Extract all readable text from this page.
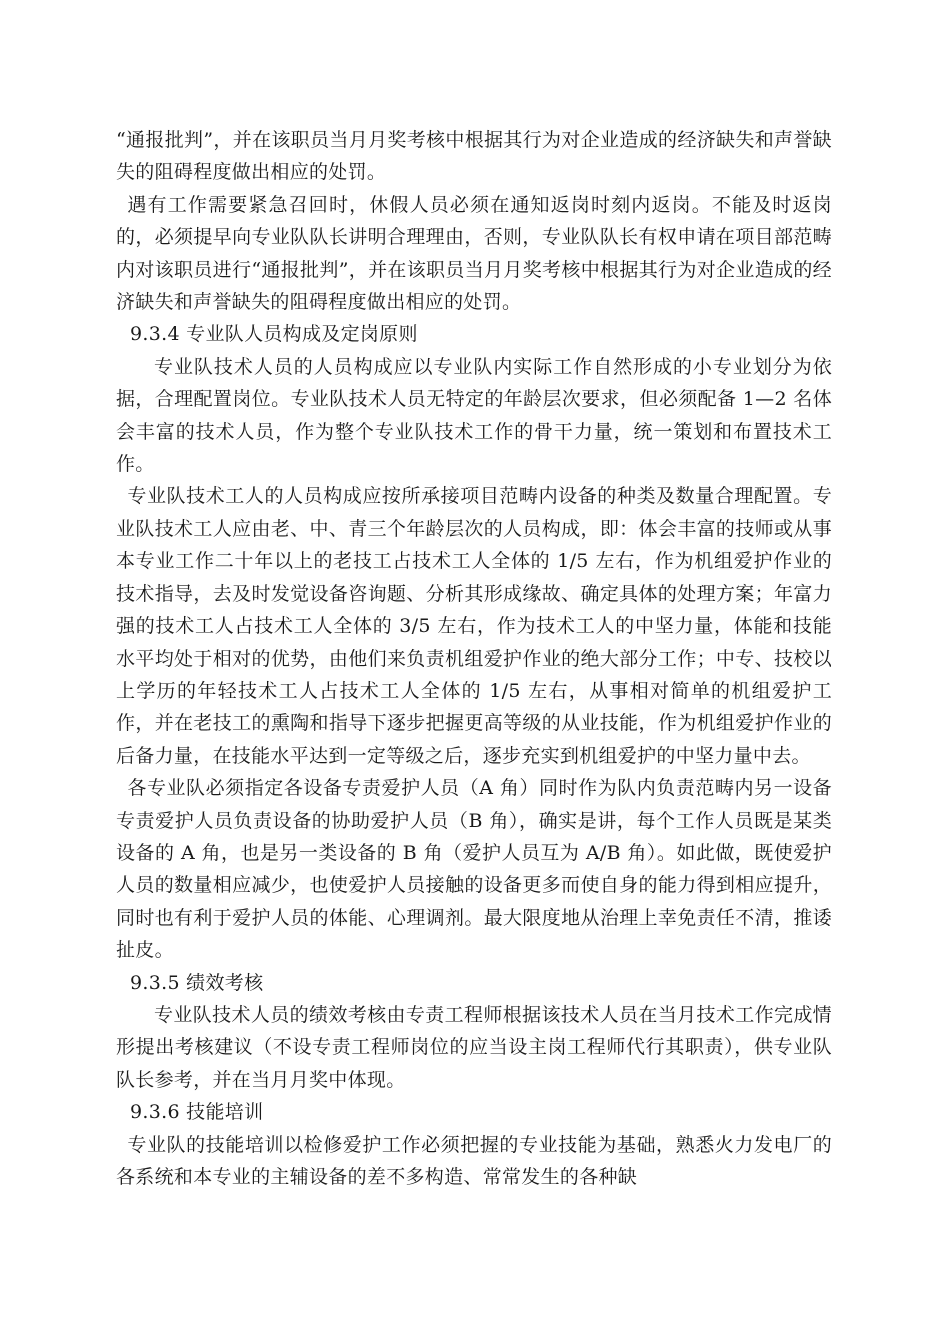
“通报批判”，并在该职员当月月奖考核中根据其行为对企业造成的经济缺失和声誉缺失的阻碍程度做出相应的处罚。

遇有工作需要紧急召回时，休假人员必须在通知返岗时刻内返岗。不能及时返岗的，必须提早向专业队队长讲明合理理由，否则，专业队队长有权申请在项目部范畴内对该职员进行“通报批判”，并在该职员当月月奖考核中根据其行为对企业造成的经济缺失和声誉缺失的阻碍程度做出相应的处罚。

9.3.4 专业队人员构成及定岗原则

专业队技术人员的人员构成应以专业队内实际工作自然形成的小专业划分为依据，合理配置岗位。专业队技术人员无特定的年龄层次要求，但必须配备 1—2 名体会丰富的技术人员，作为整个专业队技术工作的骨干力量，统一策划和布置技术工作。

专业队技术工人的人员构成应按所承接项目范畴内设备的种类及数量合理配置。专业队技术工人应由老、中、青三个年龄层次的人员构成，即：体会丰富的技师或从事本专业工作二十年以上的老技工占技术工人全体的 1/5 左右，作为机组爱护作业的技术指导，去及时发觉设备咨询题、分析其形成缘故、确定具体的处理方案；年富力强的技术工人占技术工人全体的 3/5 左右，作为技术工人的中坚力量，体能和技能水平均处于相对的优势，由他们来负责机组爱护作业的绝大部分工作；中专、技校以上学历的年轻技术工人占技术工人全体的 1/5 左右，从事相对简单的机组爱护工作，并在老技工的熏陶和指导下逐步把握更高等级的从业技能，作为机组爱护作业的后备力量，在技能水平达到一定等级之后，逐步充实到机组爱护的中坚力量中去。

各专业队必须指定各设备专责爱护人员（A 角）同时作为队内负责范畴内另一设备专责爱护人员负责设备的协助爱护人员（B 角），确实是讲，每个工作人员既是某类设备的 A 角，也是另一类设备的 B 角（爱护人员互为 A/B 角）。如此做，既使爱护人员的数量相应减少，也使爱护人员接触的设备更多而使自身的能力得到相应提升，同时也有利于爱护人员的体能、心理调剂。最大限度地从治理上幸免责任不清，推诿扯皮。

9.3.5 绩效考核

专业队技术人员的绩效考核由专责工程师根据该技术人员在当月技术工作完成情形提出考核建议（不设专责工程师岗位的应当设主岗工程师代行其职责），供专业队队长参考，并在当月月奖中体现。

9.3.6 技能培训

专业队的技能培训以检修爱护工作必须把握的专业技能为基础，熟悉火力发电厂的各系统和本专业的主辅设备的差不多构造、常常发生的各种缺
